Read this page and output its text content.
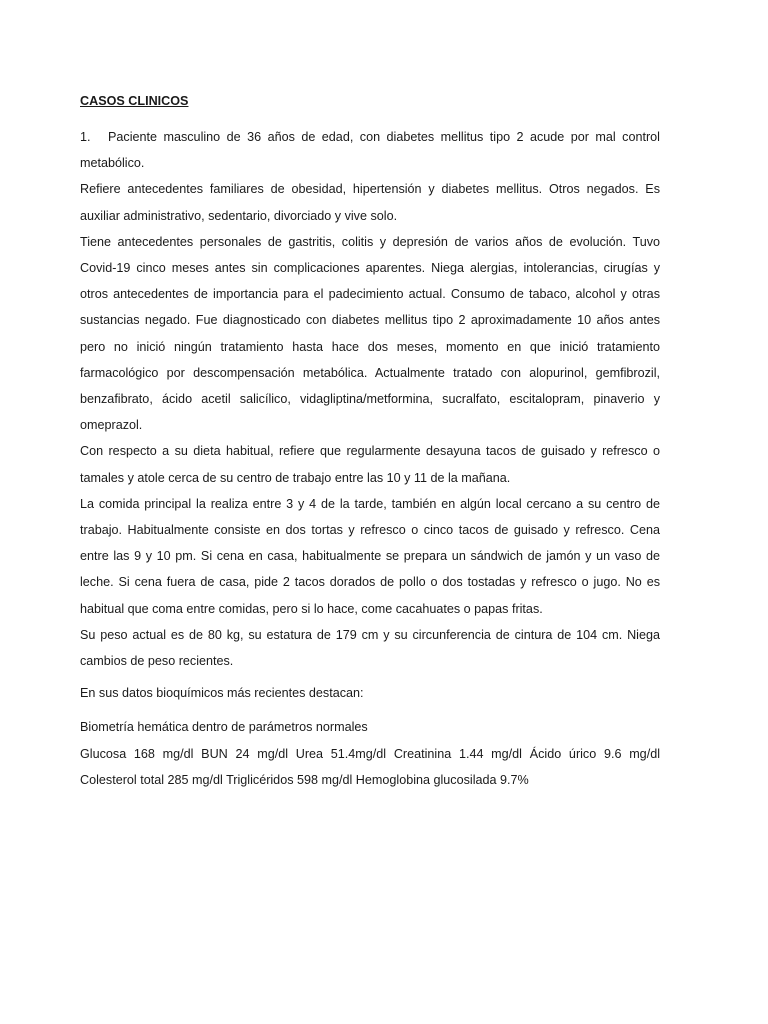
CASOS CLINICOS

1. Paciente masculino de 36 años de edad, con diabetes mellitus tipo 2 acude por mal control metabólico.

Refiere antecedentes familiares de obesidad, hipertensión y diabetes mellitus. Otros negados. Es auxiliar administrativo, sedentario, divorciado y vive solo.

Tiene antecedentes personales de gastritis, colitis y depresión de varios años de evolución. Tuvo Covid-19 cinco meses antes sin complicaciones aparentes. Niega alergias, intolerancias, cirugías y otros antecedentes de importancia para el padecimiento actual. Consumo de tabaco, alcohol y otras sustancias negado. Fue diagnosticado con diabetes mellitus tipo 2 aproximadamente 10 años antes pero no inició ningún tratamiento hasta hace dos meses, momento en que inició tratamiento farmacológico por descompensación metabólica. Actualmente tratado con alopurinol, gemfibrozil, benzafibrato, ácido acetil salicílico, vidagliptina/metformina, sucralfato, escitalopram, pinaverio y omeprazol.

Con respecto a su dieta habitual, refiere que regularmente desayuna tacos de guisado y refresco o tamales y atole cerca de su centro de trabajo entre las 10 y 11 de la mañana.

La comida principal la realiza entre 3 y 4 de la tarde, también en algún local cercano a su centro de trabajo. Habitualmente consiste en dos tortas y refresco o cinco tacos de guisado y refresco. Cena entre las 9 y 10 pm. Si cena en casa, habitualmente se prepara un sándwich de jamón y un vaso de leche. Si cena fuera de casa, pide 2 tacos dorados de pollo o dos tostadas y refresco o jugo. No es habitual que coma entre comidas, pero si lo hace, come cacahuates o papas fritas.

Su peso actual es de 80 kg, su estatura de 179 cm y su circunferencia de cintura de 104 cm. Niega cambios de peso recientes.

En sus datos bioquímicos más recientes destacan:

Biometría hemática dentro de parámetros normales

Glucosa 168 mg/dl BUN 24 mg/dl Urea 51.4mg/dl Creatinina 1.44 mg/dl Ácido úrico 9.6 mg/dl Colesterol total 285 mg/dl Triglicéridos 598 mg/dl Hemoglobina glucosilada 9.7%
